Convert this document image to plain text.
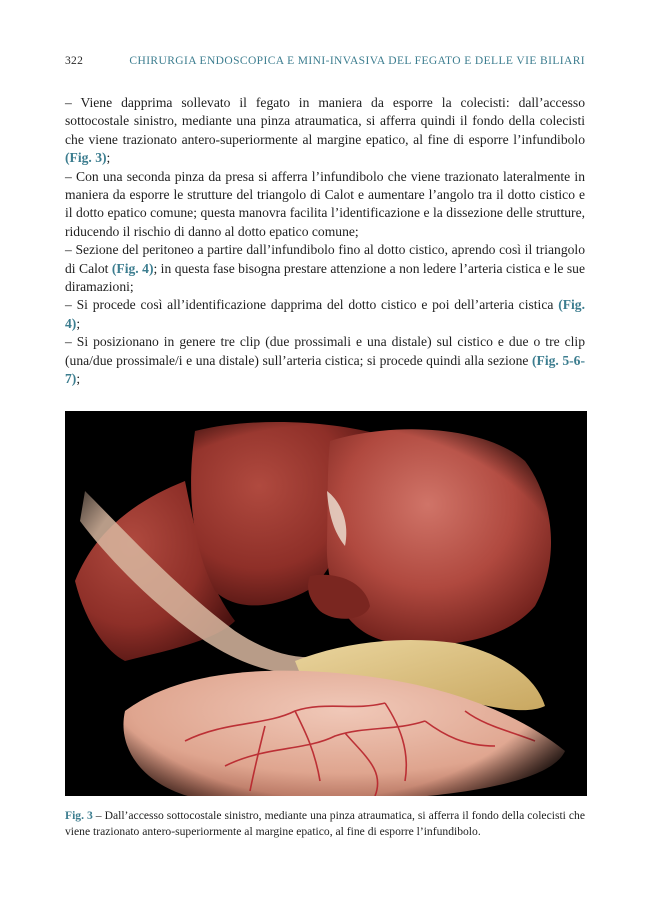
322	CHIRURGIA ENDOSCOPICA E MINI-INVASIVA DEL FEGATO E DELLE VIE BILIARI

– Viene dapprima sollevato il fegato in maniera da esporre la colecisti: dall’accesso sottocostale sinistro, mediante una pinza atraumatica, si afferra quindi il fondo della colecisti che viene trazionato antero-superiormente al margine epatico, al fine di esporre l’infundibolo (Fig. 3);

– Con una seconda pinza da presa si afferra l’infundibolo che viene trazionato lateralmente in maniera da esporre le strutture del triangolo di Calot e aumentare l’angolo tra il dotto cistico e il dotto epatico comune; questa manovra facilita l’identificazione e la dissezione delle strutture, riducendo il rischio di danno al dotto epatico comune;

– Sezione del peritoneo a partire dall’infundibolo fino al dotto cistico, aprendo così il triangolo di Calot (Fig. 4); in questa fase bisogna prestare attenzione a non ledere l’arteria cistica e le sue diramazioni;

– Si procede così all’identificazione dapprima del dotto cistico e poi dell’arteria cistica (Fig. 4);

– Si posizionano in genere tre clip (due prossimali e una distale) sul cistico e due o tre clip (una/due prossimale/i e una distale) sull’arteria cistica; si procede quindi alla sezione (Fig. 5-6-7);

Fig. 3 – Dall’accesso sottocostale sinistro, mediante una pinza atraumatica, si afferra il fondo della colecisti che viene trazionato antero-superiormente al margine epatico, al fine di esporre l’infundibolo.
